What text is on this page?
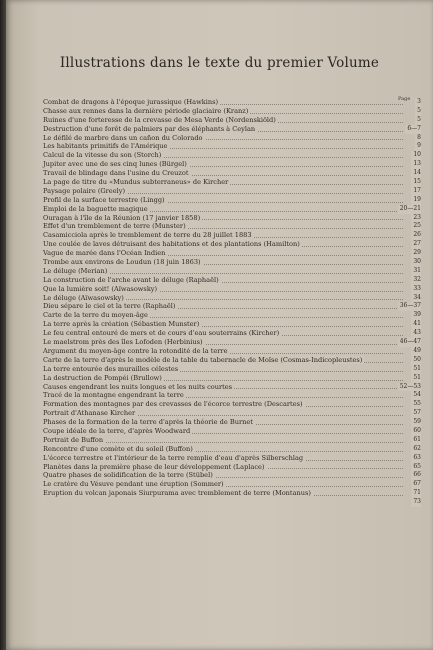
Illustrations dans le texte du premier Volume
Page
Combat de dragons à l'époque jurassique (Hawkins)	3
Chasse aux rennes dans la dernière période glaciaire (Kranz)	5
Ruines d'une forteresse de la crevasse de Mesa Verde (Nordenskiöld)	5
Destruction d'une forêt de palmiers par des éléphants à Ceylan	6—7
Le défilé de marbre dans un cañon du Colorado	8
Les habitants primitifs de l'Amérique	9
Calcul de la vitesse du son (Storch)	10
Jupiter avec une de ses cinq lunes (Bürgel)	13
Travail de blindage dans l'usine du Creuzot	14
La page de titre du «Mundus subterraneus» de Kircher	15
Paysage polaire (Greely)	17
Profil de la surface terrestre (Lingg)	19
Emploi de la baguette magique	20—21
Ouragan à l'île de la Réunion (17 janvier 1858)	23
Effet d'un tremblement de terre (Munster)	25
Casamicciola après le tremblement de terre du 28 juillet 1883	26
Une coulée de laves détruisant des habitations et des plantations (Hamilton)	27
Vague de marée dans l'Océan Indien	29
Trombe aux environs de Loudun (18 juin 1863)	30
Le déluge (Merian)	31
La construction de l'arche avant le déluge (Raphaël)	32
Que la lumière soit! (Aïwasowsky)	33
Le déluge (Aïwasowsky)	34
Dieu sépare le ciel et la terre (Raphaël)	36—37
Carte de la terre du moyen-âge	39
La terre après la création (Sébastien Munster)	41
Le feu central entouré de mers et de cours d'eau souterrains (Kircher)	43
Le maelstrom près des îles Lofoden (Herbinius)	46—47
Argument du moyen-âge contre la rotondité de la terre	49
Carte de la terre d'après le modèle de la table du tabernacle de Moïse (Cosmas-Indicopleustes)	50
La terre entourée des murailles célestes	51
La destruction de Pompéi (Brullow)	51
Causes engendrant les nuits longues et les nuits courtes	52—53
Tracé de la montagne engendrant la terre	54
Formation des montagnes par des crevasses de l'écorce terrestre (Descartes)	55
Portrait d'Athanase Kircher	57
Phases de la formation de la terre d'après la théorie de Burnet	59
Coupe idéale de la terre, d'après Woodward	60
Portrait de Buffon	61
Rencontre d'une comète et du soleil (Buffon)	62
L'écorce terrestre et l'intérieur de la terre remplie d'eau d'après Silberschlag	63
Planètes dans la première phase de leur développement (Laplace)	65
Quatre phases de solidification de la terre (Stübel)	66
Le cratère du Vésuve pendant une éruption (Sommer)	67
Eruption du volcan japonais Siurpurama avec tremblement de terre (Montanus)	71
73
